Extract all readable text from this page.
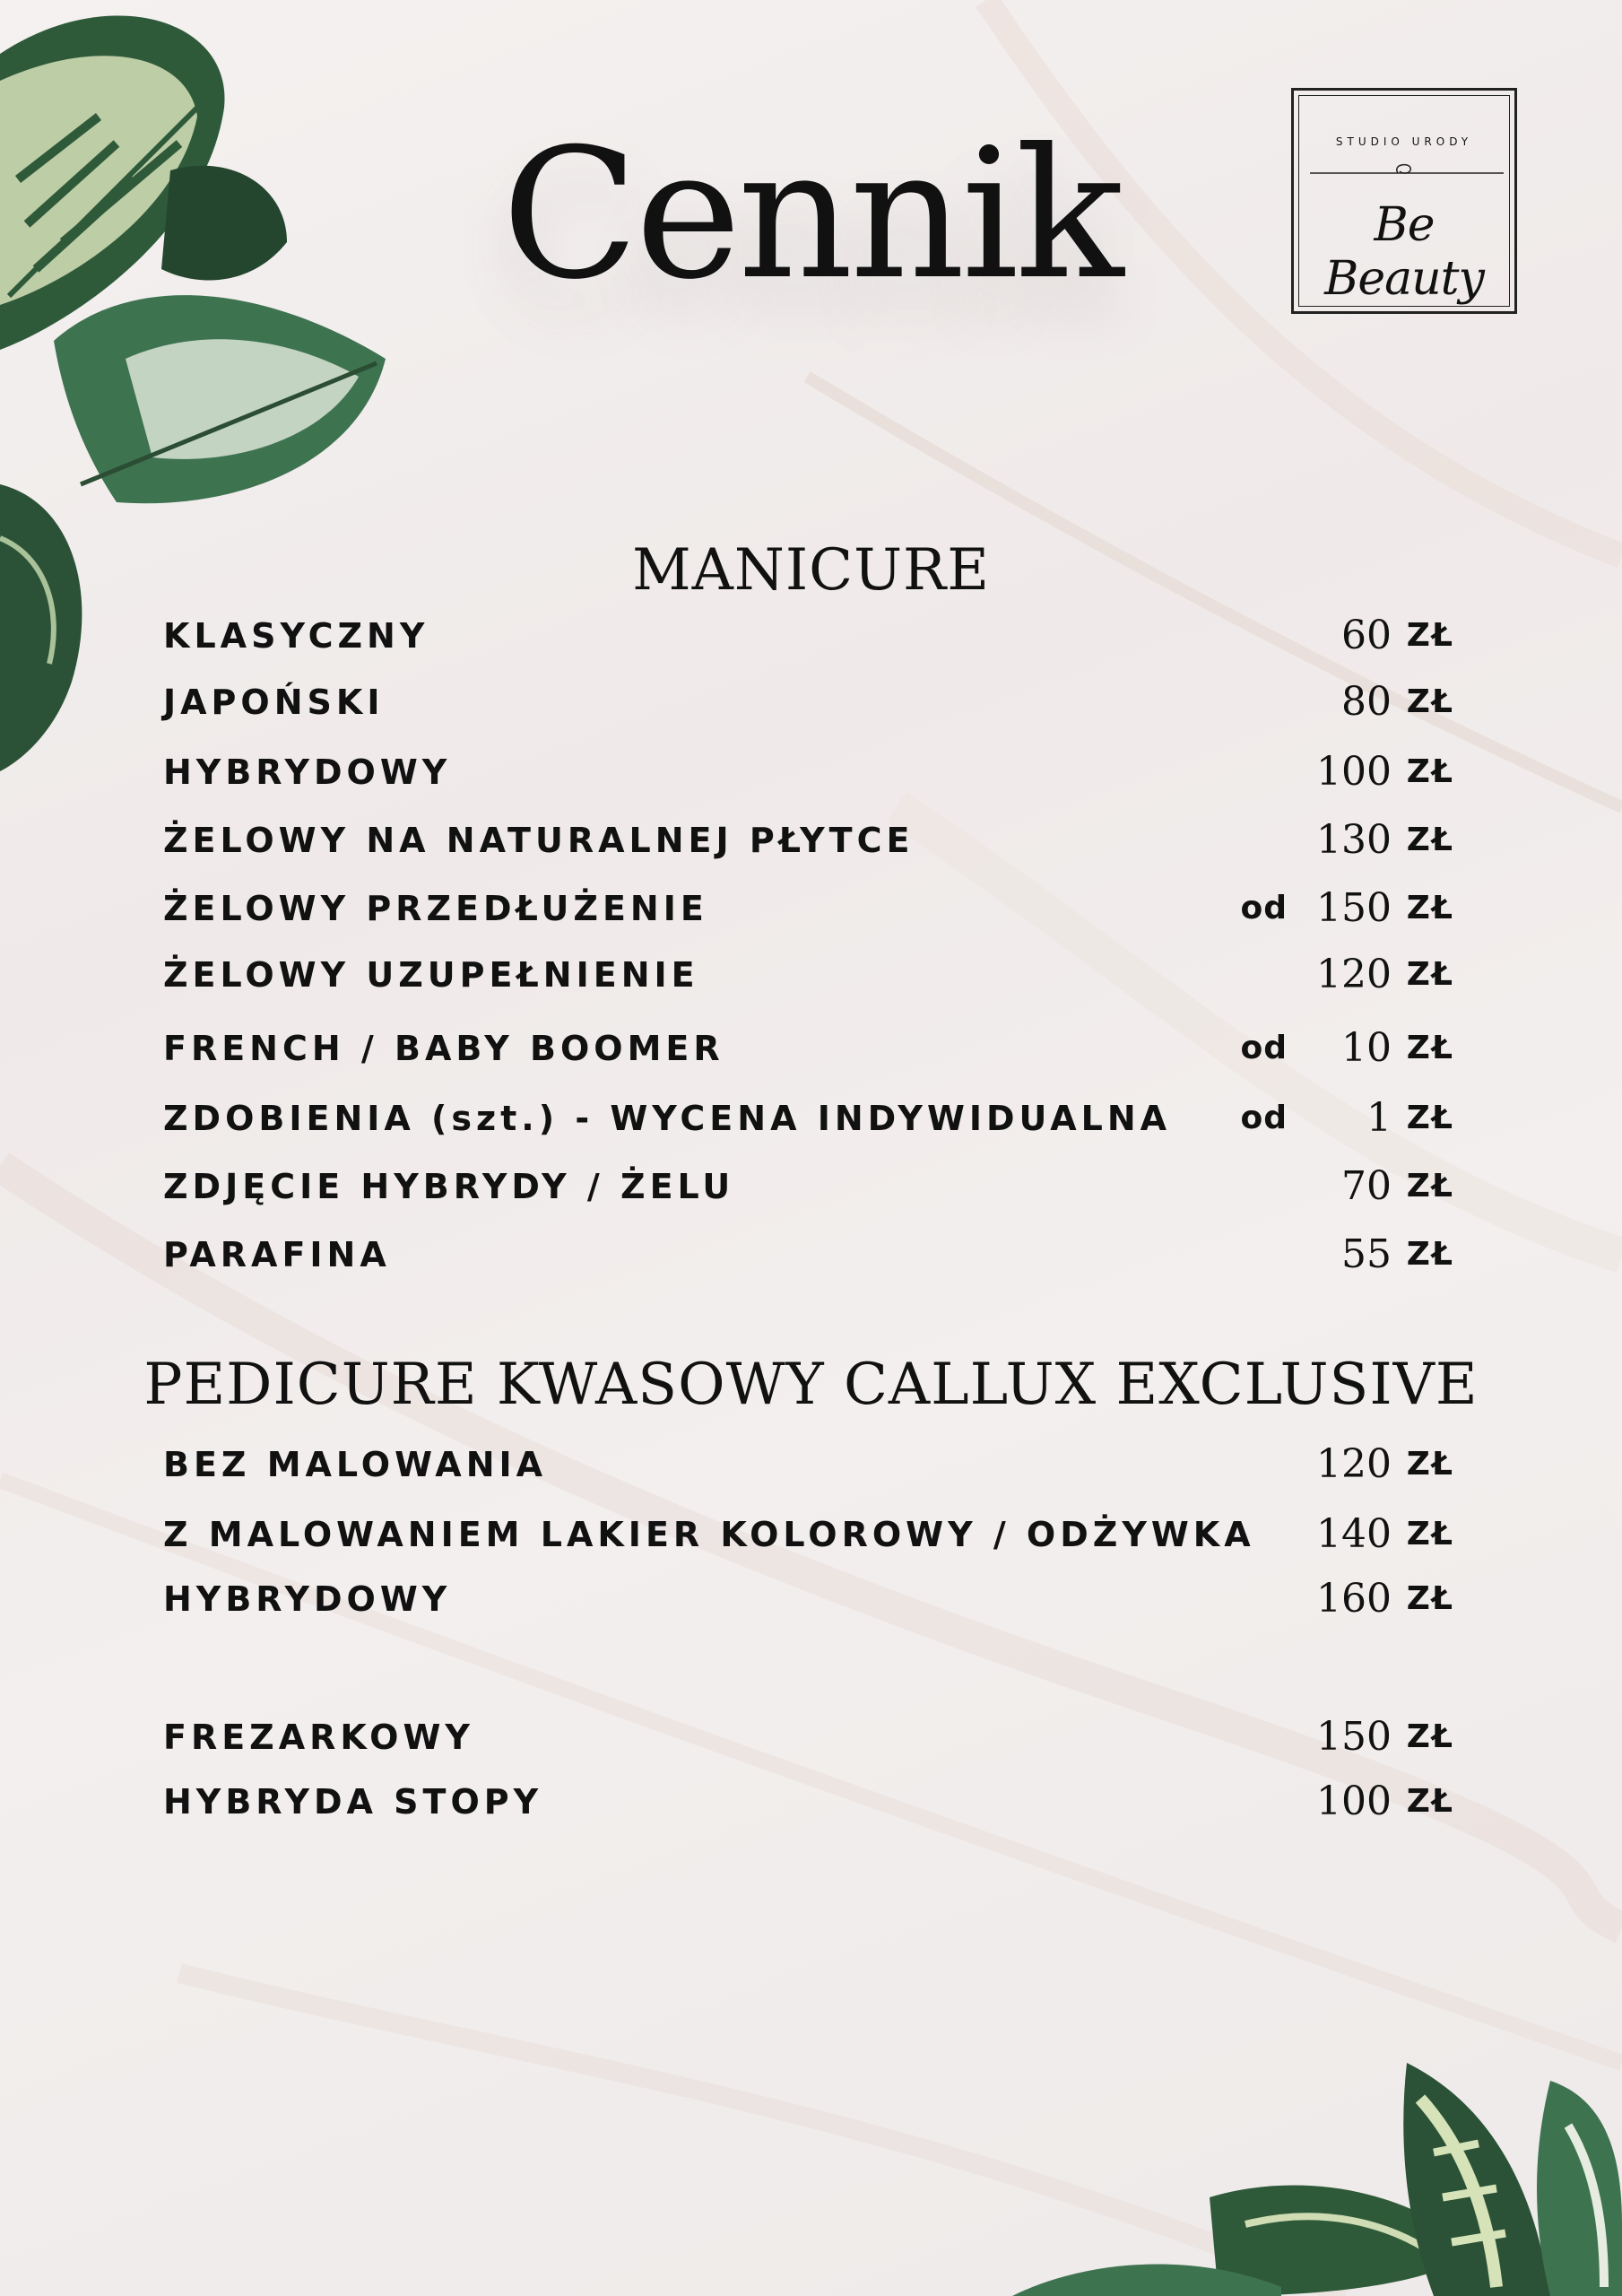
Cennik	STUDIO URODY
Be Beauty
MANICURE
KLASYCZNY	60 ZŁ
JAPOŃSKI	80 ZŁ
HYBRYDOWY	100 ZŁ
ŻELOWY NA NATURALNEJ PŁYTCE	130 ZŁ
ŻELOWY PRZEDŁUŻENIE	od 150 ZŁ
ŻELOWY UZUPEŁNIENIE	120 ZŁ
FRENCH / BABY BOOMER	od 10 ZŁ
ZDOBIENIA (szt.) - WYCENA INDYWIDUALNA od 1 ZŁ
ZDJĘCIE HYBRYDY / ŻELU	70 ZŁ
PARAFINA	55 ZŁ
PEDICURE KWASOWY CALLUX EXCLUSIVE
BEZ MALOWANIA	120 ZŁ
Z MALOWANIEM LAKIER KOLOROWY / ODŻYWKA 140 ZŁ
HYBRYDOWY	160 ZŁ
FREZARKOWY	150 ZŁ
HYBRYDA STOPY	100 ZŁ
